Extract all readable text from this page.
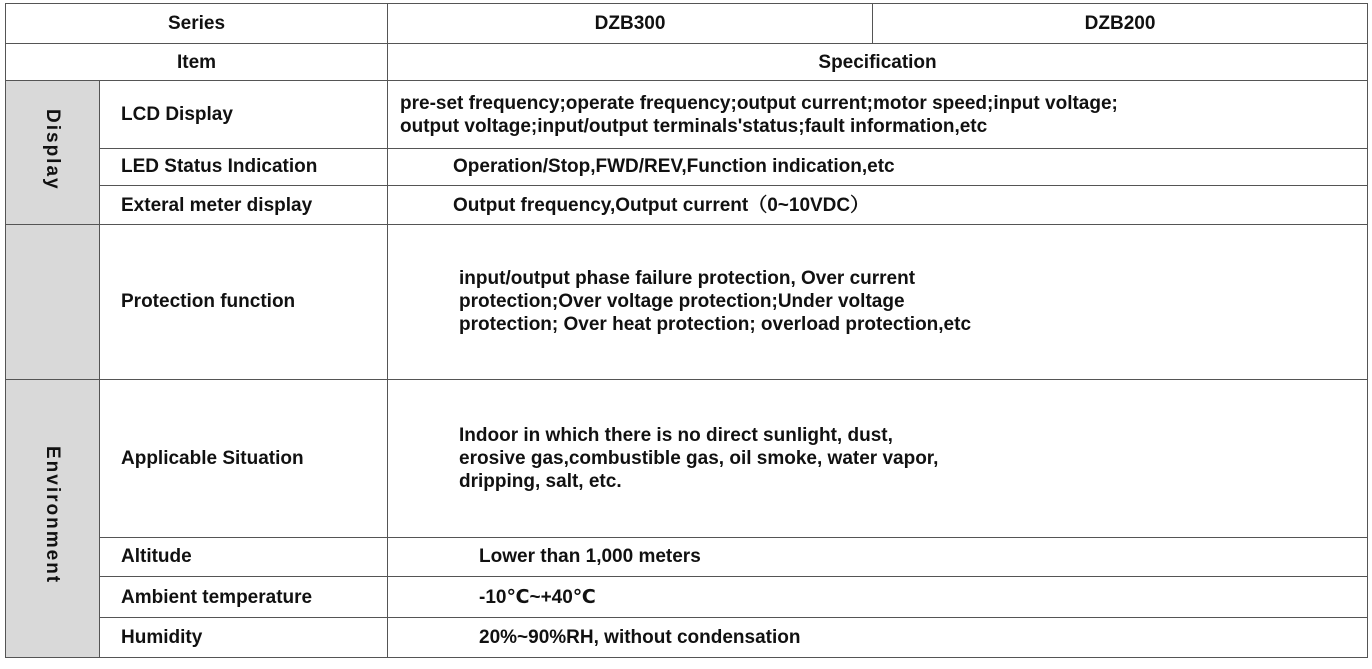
Series		DZB300	DZB200
Item		Specification	
Display	LCD Display	pre-set frequency;operate frequency;output current;motor speed;input voltage;
output voltage;input/output terminals'status;fault information,etc	

	LED Status Indication	Operation/Stop,FWD/REV,Function indication,etc	

	Exteral meter display	Output frequency,Output current（0~10VDC）	

	Protection function	input/output phase failure protection, Over current
protection;Over voltage protection;Under voltage
protection; Over heat protection; overload protection,etc	

Environment	Applicable Situation	Indoor in which there is no direct sunlight, dust,
erosive gas,combustible gas, oil smoke, water vapor,
dripping, salt, etc.	

	Altitude	Lower than 1,000 meters	

	Ambient temperature	-10℃~+40℃	

	Humidity	20%~90%RH, without condensation	
